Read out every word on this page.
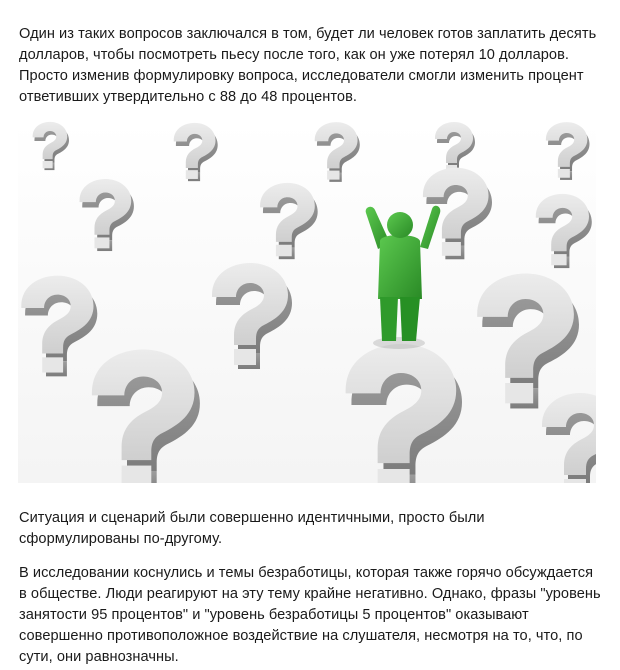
Один из таких вопросов заключался в том, будет ли человек готов заплатить десять долларов, чтобы посмотреть пьесу после того, как он уже потерял 10 долларов. Просто изменив формулировку вопроса, исследователи смогли изменить процент ответивших утвердительно с 88 до 48 процентов.

Ситуация и сценарий были совершенно идентичными, просто были сформулированы по-другому.

В исследовании коснулись и темы безработицы, которая также горячо обсуждается в обществе. Люди реагируют на эту тему крайне негативно. Однако, фразы "уровень занятости 95 процентов" и "уровень безработицы 5 процентов" оказывают совершенно противоположное воздействие на слушателя, несмотря на то, что, по сути, они равнозначны.
